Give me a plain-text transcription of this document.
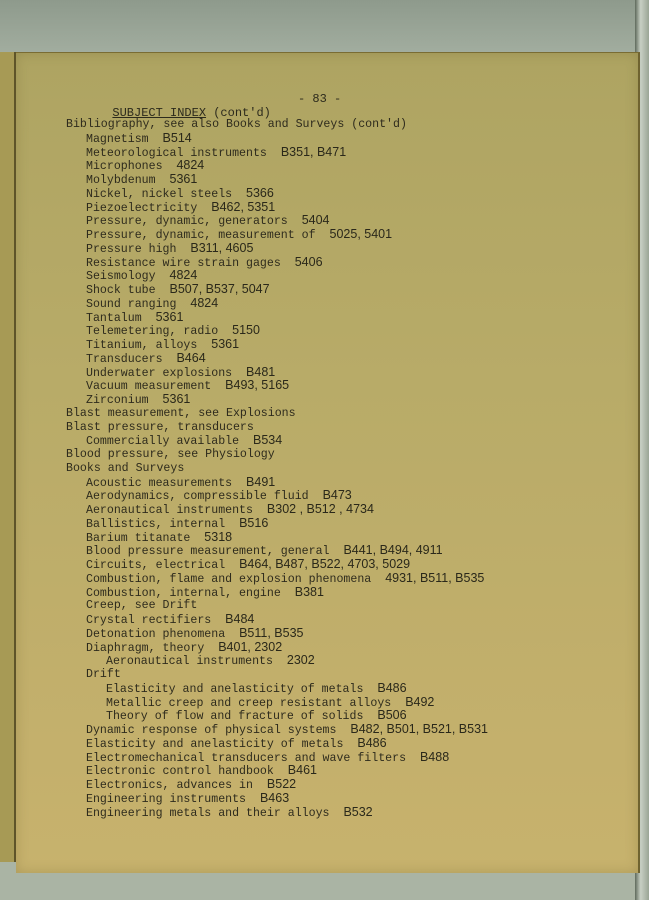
SUBJECT INDEX (cont'd)

- 83 -

Bibliography, see also Books and Surveys (cont'd)
Magnetism B514
Meteorological instruments B351, B471
Microphones 4824
Molybdenum 5361
Nickel, nickel steels 5366
Piezoelectricity B462, 5351
Pressure, dynamic, generators 5404
Pressure, dynamic, measurement of 5025, 5401
Pressure high B311, 4605
Resistance wire strain gages 5406
Seismology 4824
Shock tube B507, B537, 5047
Sound ranging 4824
Tantalum 5361
Telemetering, radio 5150
Titanium, alloys 5361
Transducers B464
Underwater explosions B481
Vacuum measurement B493, 5165
Zirconium 5361
Blast measurement, see Explosions
Blast pressure, transducers
Commercially available B534
Blood pressure, see Physiology
Books and Surveys
Acoustic measurements B491
Aerodynamics, compressible fluid B473
Aeronautical instruments B302 , B512 , 4734
Ballistics, internal B516
Barium titanate 5318
Blood pressure measurement, general B441, B494, 4911
Circuits, electrical B464, B487, B522, 4703, 5029
Combustion, flame and explosion phenomena 4931, B511, B535
Combustion, internal, engine B381
Creep, see Drift
Crystal rectifiers B484
Detonation phenomena B511, B535
Diaphragm, theory B401, 2302
Aeronautical instruments 2302
Drift
Elasticity and anelasticity of metals B486
Metallic creep and creep resistant alloys B492
Theory of flow and fracture of solids B506
Dynamic response of physical systems B482, B501, B521, B531
Elasticity and anelasticity of metals B486
Electromechanical transducers and wave filters B488
Electronic control handbook B461
Electronics, advances in B522
Engineering instruments B463
Engineering metals and their alloys B532
